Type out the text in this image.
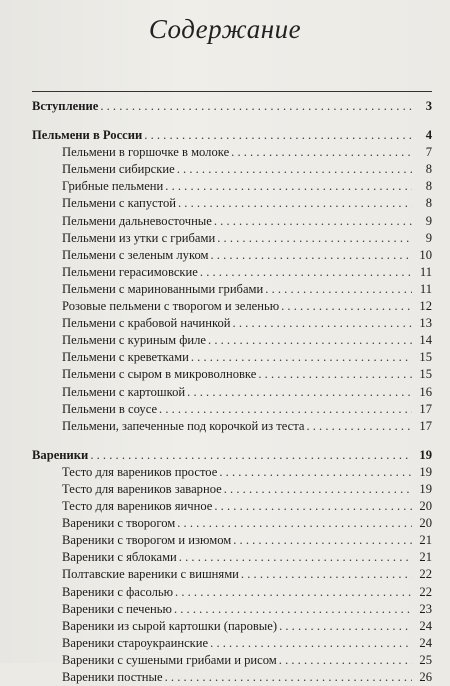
Содержание
Вступление . . .	3
Пельмени в России . . .	4
Пельмени в горшочке в молоке . . .	7
Пельмени сибирские . . .	8
Грибные пельмени . . .	8
Пельмени с капустой . . .	8
Пельмени дальневосточные . . .	9
Пельмени из утки с грибами . . .	9
Пельмени с зеленым луком . . .	10
Пельмени герасимовские . . .	11
Пельмени с маринованными грибами . . .	11
Розовые пельмени с творогом и зеленью . . .	12
Пельмени с крабовой начинкой . . .	13
Пельмени с куриным филе . . .	14
Пельмени с креветками . . .	15
Пельмени с сыром в микроволновке . . .	15
Пельмени с картошкой . . .	16
Пельмени в соусе . . .	17
Пельмени, запеченные под корочкой из теста . . .	17
Вареники . . .	19
Тесто для вареников простое . . .	19
Тесто для вареников заварное . . .	19
Тесто для вареников яичное . . .	20
Вареники с творогом . . .	20
Вареники с творогом и изюмом . . .	21
Вареники с яблоками . . .	21
Полтавские вареники с вишнями . . .	22
Вареники с фасолью . . .	22
Вареники с печенью . . .	23
Вареники из сырой картошки (паровые) . . .	24
Вареники староукраинские . . .	24
Вареники с сушеными грибами и рисом . . .	25
Вареники постные . . .	26
